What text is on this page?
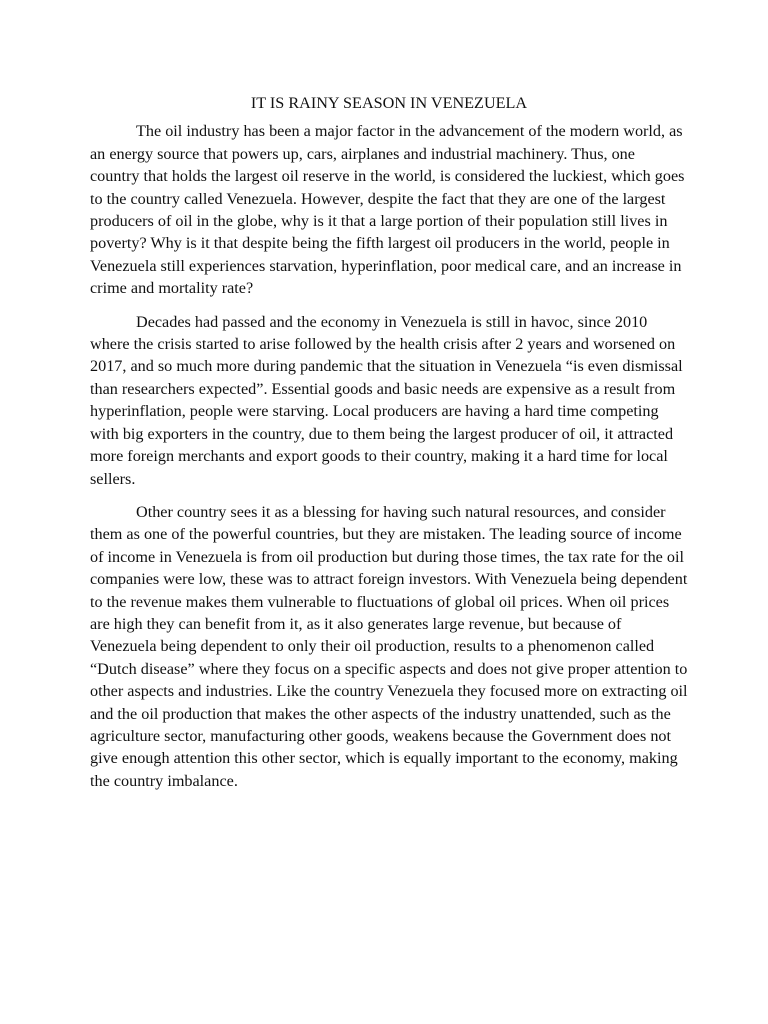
IT IS RAINY SEASON IN VENEZUELA

The oil industry has been a major factor in the advancement of the modern world, as an energy source that powers up, cars, airplanes and industrial machinery. Thus, one country that holds the largest oil reserve in the world, is considered the luckiest, which goes to the country called Venezuela. However, despite the fact that they are one of the largest producers of oil in the globe, why is it that a large portion of their population still lives in poverty? Why is it that despite being the fifth largest oil producers in the world, people in Venezuela still experiences starvation, hyperinflation, poor medical care, and an increase in crime and mortality rate?

Decades had passed and the economy in Venezuela is still in havoc, since 2010 where the crisis started to arise followed by the health crisis after 2 years and worsened on 2017, and so much more during pandemic that the situation in Venezuela “is even dismissal than researchers expected”. Essential goods and basic needs are expensive as a result from hyperinflation, people were starving. Local producers are having a hard time competing with big exporters in the country, due to them being the largest producer of oil, it attracted more foreign merchants and export goods to their country, making it a hard time for local sellers.

Other country sees it as a blessing for having such natural resources, and consider them as one of the powerful countries, but they are mistaken. The leading source of income of income in Venezuela is from oil production but during those times, the tax rate for the oil companies were low, these was to attract foreign investors. With Venezuela being dependent to the revenue makes them vulnerable to fluctuations of global oil prices. When oil prices are high they can benefit from it, as it also generates large revenue, but because of Venezuela being dependent to only their oil production, results to a phenomenon called “Dutch disease” where they focus on a specific aspects and does not give proper attention to other aspects and industries. Like the country Venezuela they focused more on extracting oil and the oil production that makes the other aspects of the industry unattended, such as the agriculture sector, manufacturing other goods, weakens because the Government does not give enough attention this other sector, which is equally important to the economy, making the country imbalance.
